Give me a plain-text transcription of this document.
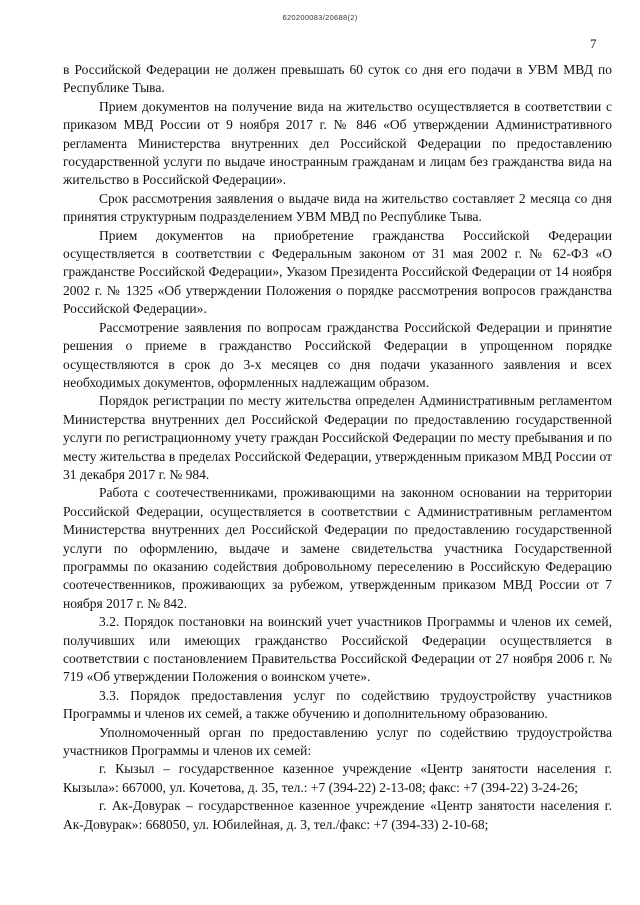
620200083/20688(2)
7

в Российской Федерации не должен превышать 60 суток со дня его подачи в УВМ МВД по Республике Тыва.

Прием документов на получение вида на жительство осуществляется в соответствии с приказом МВД России от 9 ноября 2017 г. № 846 «Об утверждении Административного регламента Министерства внутренних дел Российской Федерации по предоставлению государственной услуги по выдаче иностранным гражданам и лицам без гражданства вида на жительство в Российской Федерации».

Срок рассмотрения заявления о выдаче вида на жительство составляет 2 месяца со дня принятия структурным подразделением УВМ МВД по Республике Тыва.

Прием документов на приобретение гражданства Российской Федерации осуществляется в соответствии с Федеральным законом от 31 мая 2002 г. № 62-ФЗ «О гражданстве Российской Федерации», Указом Президента Российской Федерации от 14 ноября 2002 г. № 1325 «Об утверждении Положения о порядке рассмотрения вопросов гражданства Российской Федерации».

Рассмотрение заявления по вопросам гражданства Российской Федерации и принятие решения о приеме в гражданство Российской Федерации в упрощенном порядке осуществляются в срок до 3-х месяцев со дня подачи указанного заявления и всех необходимых документов, оформленных надлежащим образом.

Порядок регистрации по месту жительства определен Административным регламентом Министерства внутренних дел Российской Федерации по предоставлению государственной услуги по регистрационному учету граждан Российской Федерации по месту пребывания и по месту жительства в пределах Российской Федерации, утвержденным приказом МВД России от 31 декабря 2017 г. № 984.

Работа с соотечественниками, проживающими на законном основании на территории Российской Федерации, осуществляется в соответствии с Административным регламентом Министерства внутренних дел Российской Федерации по предоставлению государственной услуги по оформлению, выдаче и замене свидетельства участника Государственной программы по оказанию содействия добровольному переселению в Российскую Федерацию соотечественников, проживающих за рубежом, утвержденным приказом МВД России от 7 ноября 2017 г. № 842.

3.2. Порядок постановки на воинский учет участников Программы и членов их семей, получивших или имеющих гражданство Российской Федерации осуществляется в соответствии с постановлением Правительства Российской Федерации от 27 ноября 2006 г. № 719 «Об утверждении Положения о воинском учете».

3.3. Порядок предоставления услуг по содействию трудоустройству участников Программы и членов их семей, а также обучению и дополнительному образованию.

Уполномоченный орган по предоставлению услуг по содействию трудоустройства участников Программы и членов их семей:

г. Кызыл – государственное казенное учреждение «Центр занятости населения г. Кызыла»: 667000, ул. Кочетова, д. 35, тел.: +7 (394-22) 2-13-08; факс: +7 (394-22) 3-24-26;

г. Ак-Довурак – государственное казенное учреждение «Центр занятости населения г. Ак-Довурак»: 668050, ул. Юбилейная, д. 3, тел./факс: +7 (394-33) 2-10-68;
